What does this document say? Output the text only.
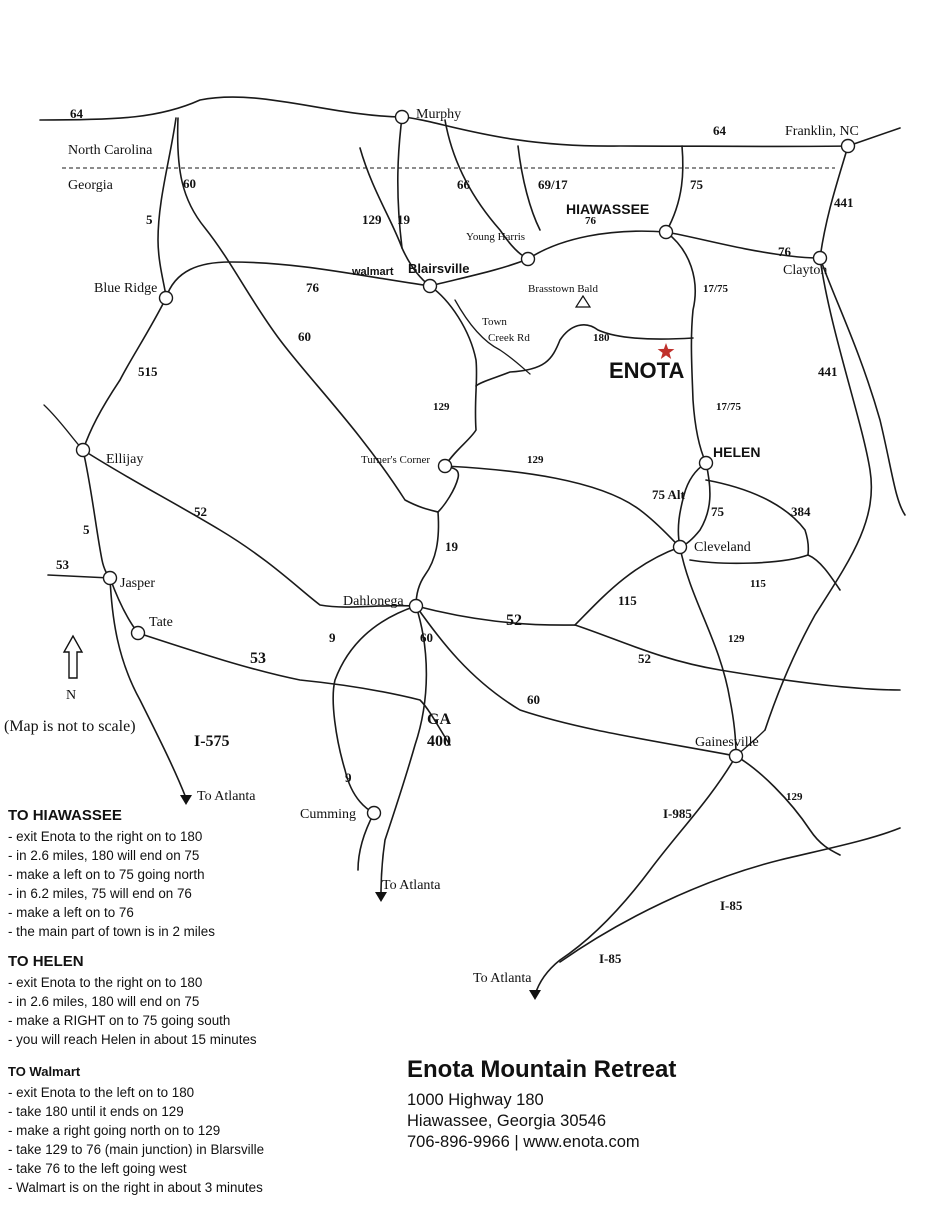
N
North Carolina
Georgia
Murphy
Franklin, NC
HIAWASSEE
Young Harris
Blairsville
walmart
Blue Ridge
Clayton
Brasstown Bald
Town
Creek Rd
ENOTA
Ellijay	Turner's Corner	HELEN
Cleveland
Jasper
Tate
Dahlonega
Gainesville
Cumming
To Atlanta
To Atlanta
To Atlanta
64
64
60	66	69/17	75
441
5	129 19	76
76
76	17/75
180
60
515	441
129	17/75
129
75 Alt
52	75	384
5
19
53
115
115
52
9	60	129
53	52
60
GA
400
I-575
9
129
I-985
I-85
I-85
(Map is not to scale)
TO HIAWASSEE
- exit Enota to the right on to 180
- in 2.6 miles, 180 will end on 75
- make a left on to 75 going north
- in 6.2 miles, 75 will end on 76
- make a left on to 76
- the main part of town is in 2 miles
TO HELEN
- exit Enota to the right on to 180
- in 2.6 miles, 180 will end on 75
- make a RIGHT on to 75 going south
- you will reach Helen in about 15 minutes
TO Walmart
- exit Enota to the left on to 180
- take 180 until it ends on 129
- make a right going north on to 129
- take 129 to 76 (main junction) in Blarsville
- take 76 to the left going west
- Walmart is on the right in about 3 minutes
Enota Mountain Retreat
1000 Highway 180
Hiawassee, Georgia 30546
706-896-9966 | www.enota.com
